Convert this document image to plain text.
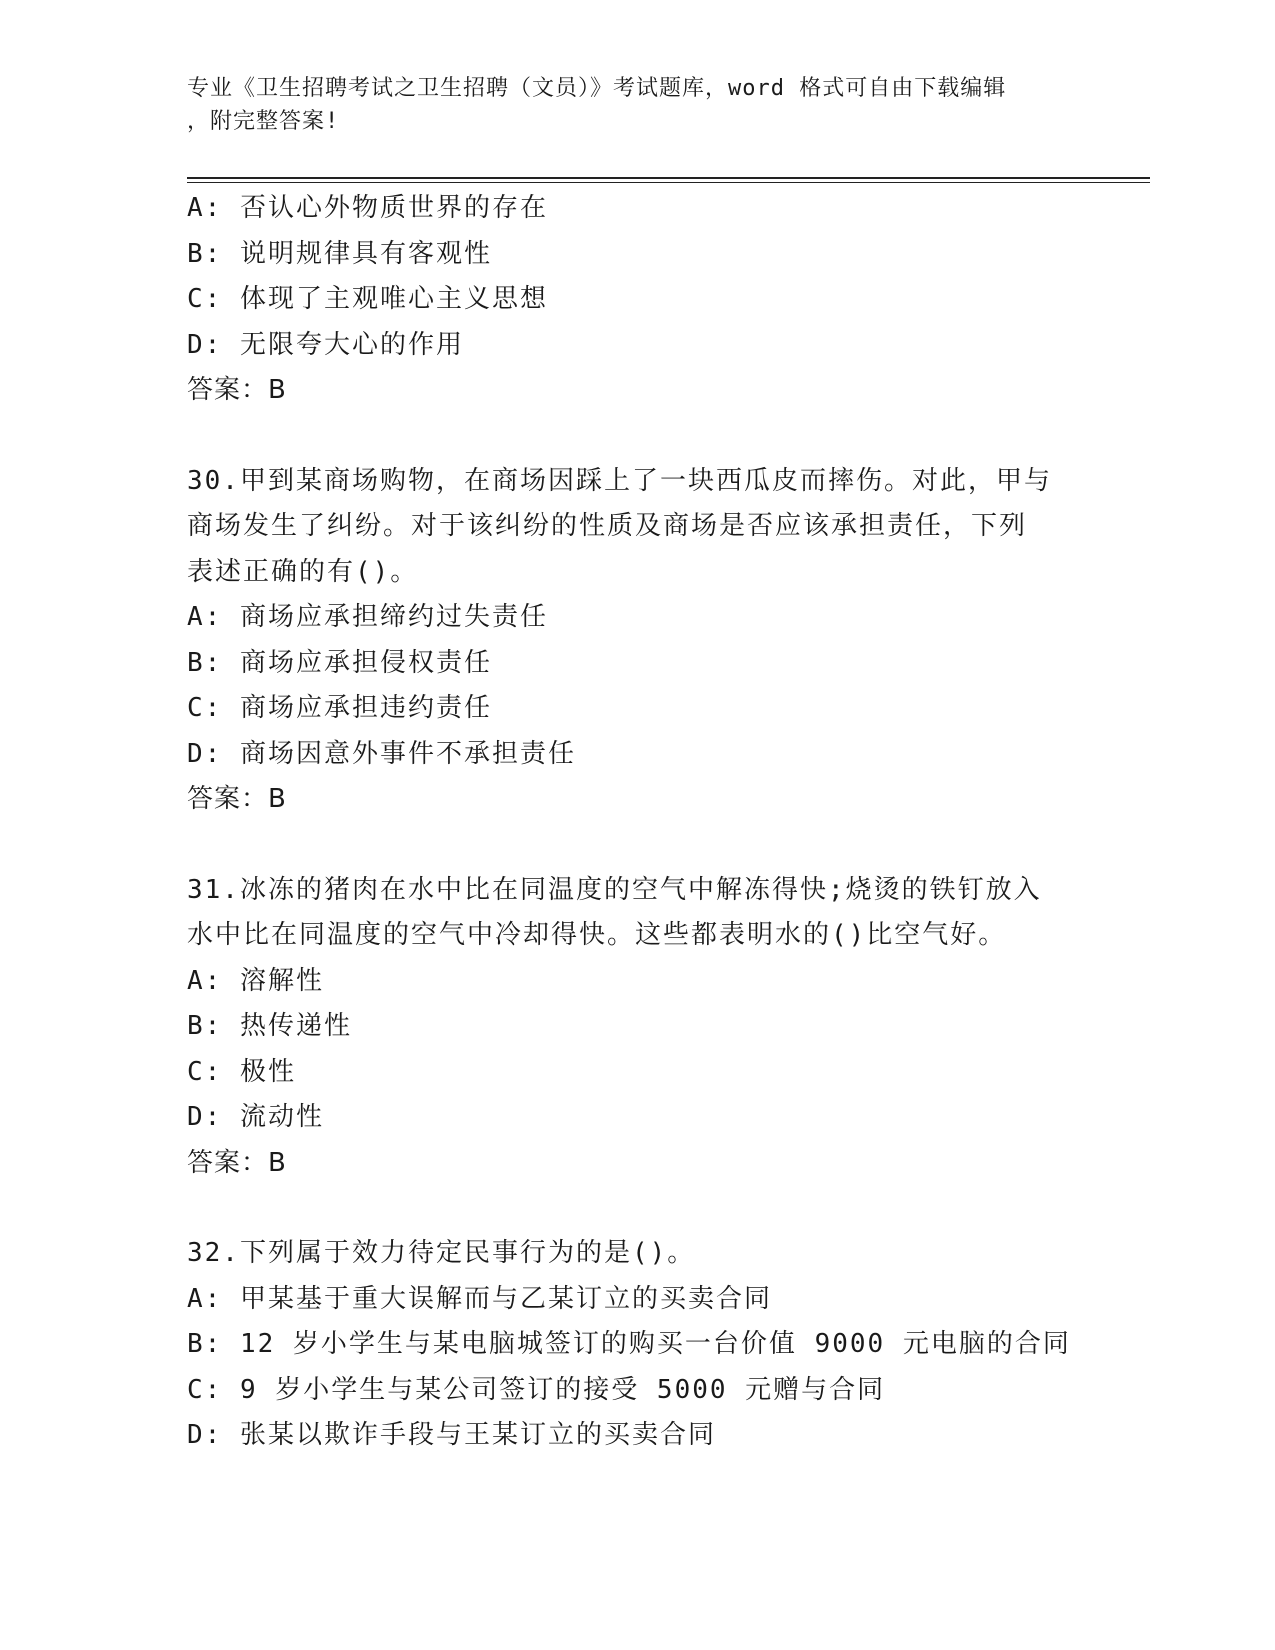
专业《卫生招聘考试之卫生招聘（文员）》考试题库，word 格式可自由下载编辑
，附完整答案!
A: 否认心外物质世界的存在
B: 说明规律具有客观性
C: 体现了主观唯心主义思想
D: 无限夸大心的作用
答案：B
30.甲到某商场购物，在商场因踩上了一块西瓜皮而摔伤。对此，甲与
商场发生了纠纷。对于该纠纷的性质及商场是否应该承担责任，下列
表述正确的有()。
A: 商场应承担缔约过失责任
B: 商场应承担侵权责任
C: 商场应承担违约责任
D: 商场因意外事件不承担责任
答案：B
31.冰冻的猪肉在水中比在同温度的空气中解冻得快;烧烫的铁钉放入
水中比在同温度的空气中冷却得快。这些都表明水的()比空气好。
A: 溶解性
B: 热传递性
C: 极性
D: 流动性
答案：B
32.下列属于效力待定民事行为的是()。
A: 甲某基于重大误解而与乙某订立的买卖合同
B: 12 岁小学生与某电脑城签订的购买一台价值 9000 元电脑的合同
C: 9 岁小学生与某公司签订的接受 5000 元赠与合同
D: 张某以欺诈手段与王某订立的买卖合同
